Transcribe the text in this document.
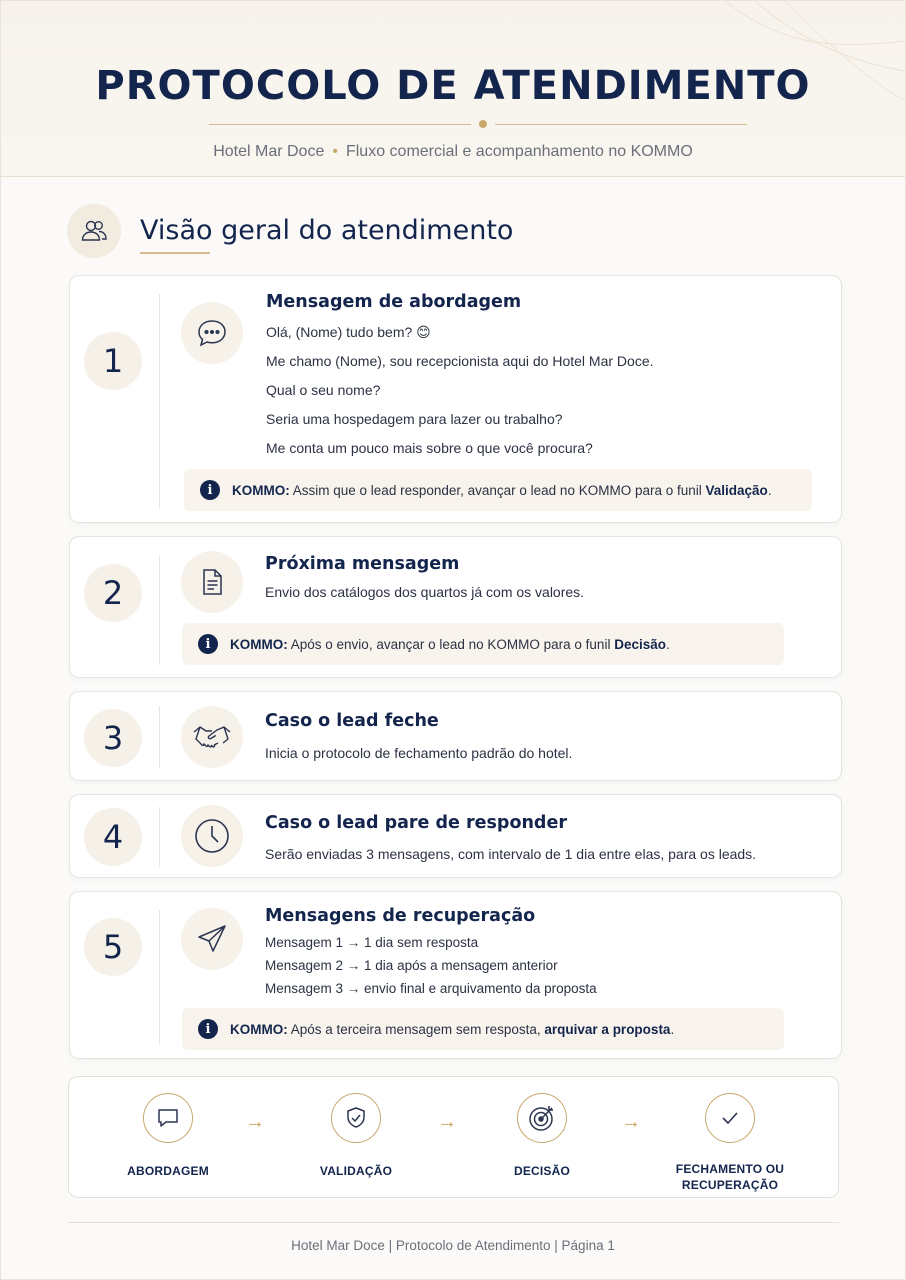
PROTOCOLO DE ATENDIMENTO
Hotel Mar Doce • Fluxo comercial e acompanhamento no KOMMO
Visão geral do atendimento
1
Mensagem de abordagem
Olá, (Nome) tudo bem? 😊
Me chamo (Nome), sou recepcionista aqui do Hotel Mar Doce.
Qual o seu nome?
Seria uma hospedagem para lazer ou trabalho?
Me conta um pouco mais sobre o que você procura?
i	KOMMO: Assim que o lead responder, avançar o lead no KOMMO para o funil Validação.
2
Próxima mensagem
Envio dos catálogos dos quartos já com os valores.
i	KOMMO: Após o envio, avançar o lead no KOMMO para o funil Decisão.
3	Caso o lead feche
Inicia o protocolo de fechamento padrão do hotel.
4	Caso o lead pare de responder
Serão enviadas 3 mensagens, com intervalo de 1 dia entre elas, para os leads.
5
Mensagens de recuperação
Mensagem 1 → 1 dia sem resposta
Mensagem 2 → 1 dia após a mensagem anterior
Mensagem 3 → envio final e arquivamento da proposta
i	KOMMO: Após a terceira mensagem sem resposta, arquivar a proposta.
ABORDAGEM
→
VALIDAÇÃO
→
DECISÃO
→
FECHAMENTO OU
RECUPERAÇÃO
Hotel Mar Doce | Protocolo de Atendimento | Página 1
